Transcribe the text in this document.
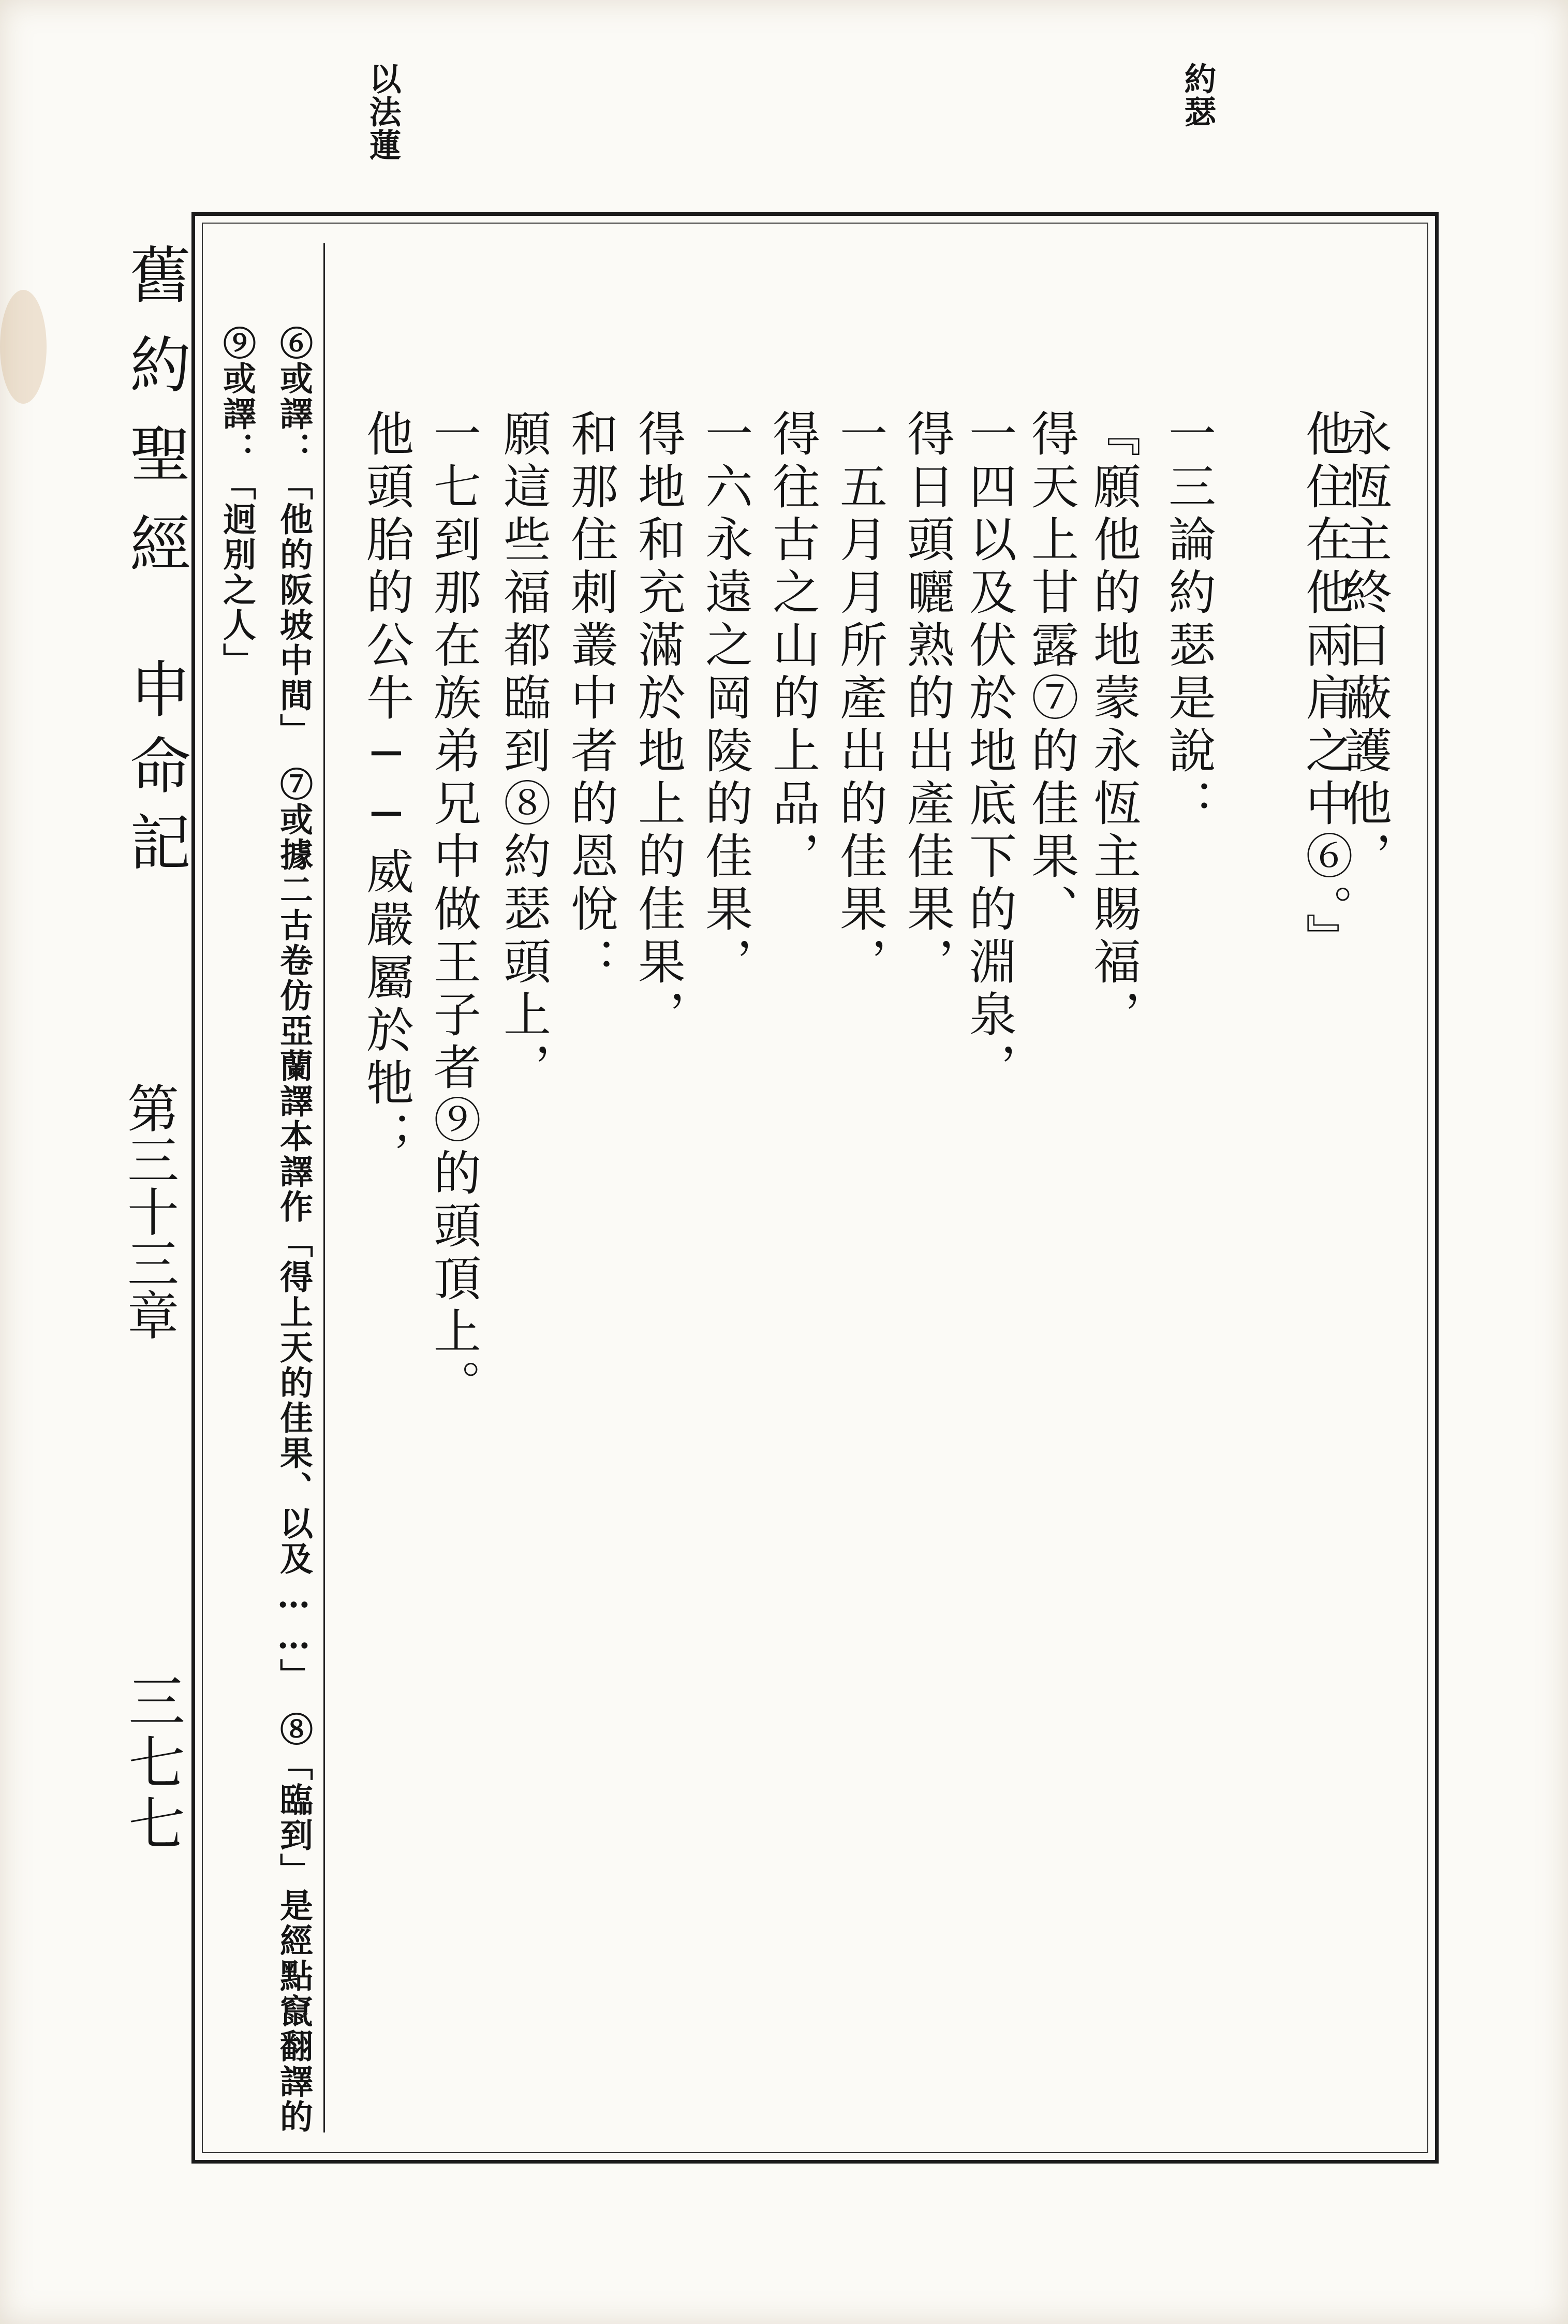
約瑟
以法蓮
舊約聖經
申命記
第三十三章
三七七
永恆主終日蔽護他，
他住在他兩肩之中⑥。』
一三論約瑟是說：
『願他的地蒙永恆主賜福，
得天上甘露⑦的佳果、
一四以及伏於地底下的淵泉，
得日頭曬熟的出產佳果，
一五月月所產出的佳果，
得往古之山的上品，
一六永遠之岡陵的佳果，
得地和充滿於地上的佳果，
和那住刺叢中者的恩悅：
願這些福都臨到⑧約瑟頭上，
一七到那在族弟兄中做王子者⑨的頭頂上。
他頭胎的公牛──威嚴屬於牠；
⑥或譯：「他的阪坡中間」　⑦或據二古卷仿亞蘭譯本譯作「得上天的佳果、以及……」　⑧「臨到」是經點竄翻譯的
⑨或譯：「迥別之人」
